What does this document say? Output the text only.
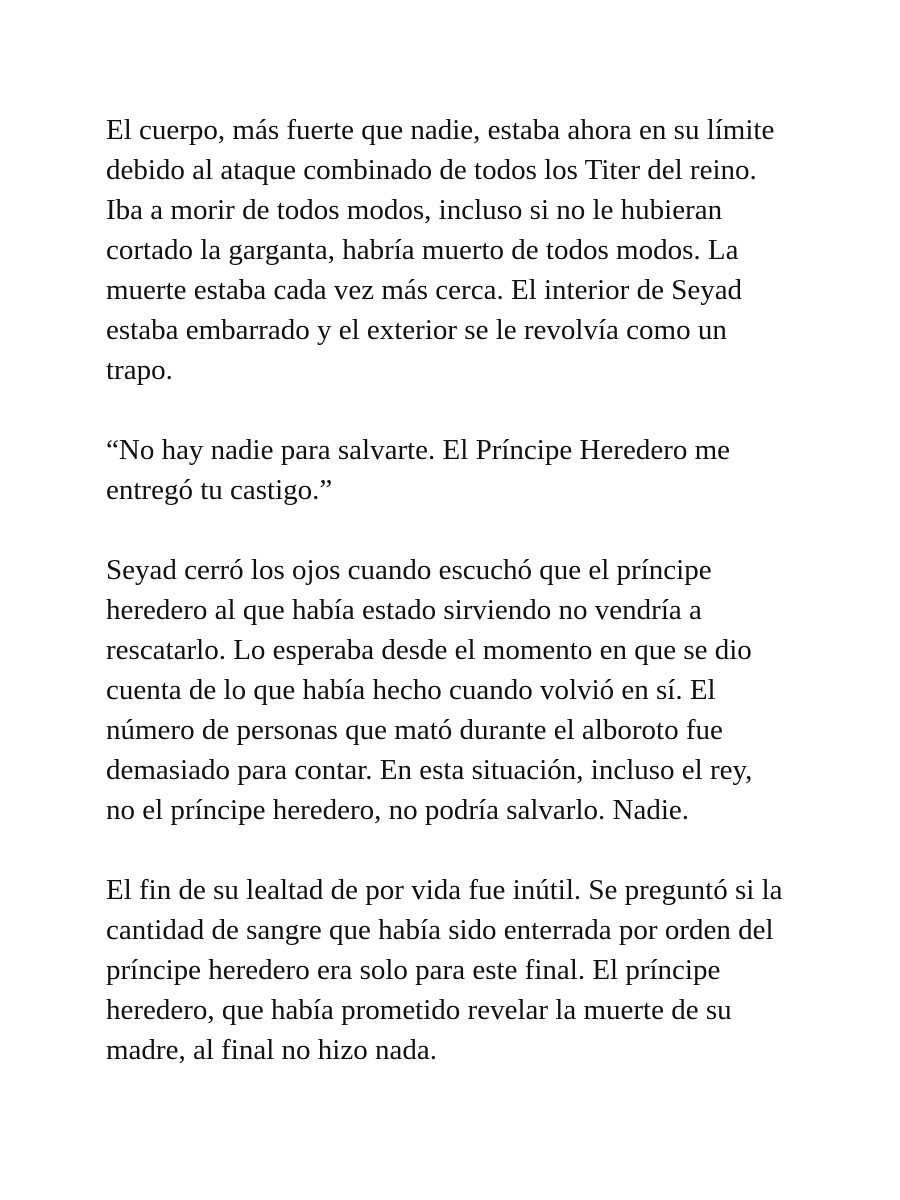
El cuerpo, más fuerte que nadie, estaba ahora en su límite
debido al ataque combinado de todos los Titer del reino.
Iba a morir de todos modos, incluso si no le hubieran
cortado la garganta, habría muerto de todos modos. La
muerte estaba cada vez más cerca. El interior de Seyad
estaba embarrado y el exterior se le revolvía como un
trapo.
“No hay nadie para salvarte. El Príncipe Heredero me
entregó tu castigo.”
Seyad cerró los ojos cuando escuchó que el príncipe
heredero al que había estado sirviendo no vendría a
rescatarlo. Lo esperaba desde el momento en que se dio
cuenta de lo que había hecho cuando volvió en sí. El
número de personas que mató durante el alboroto fue
demasiado para contar. En esta situación, incluso el rey,
no el príncipe heredero, no podría salvarlo. Nadie.
El fin de su lealtad de por vida fue inútil. Se preguntó si la
cantidad de sangre que había sido enterrada por orden del
príncipe heredero era solo para este final. El príncipe
heredero, que había prometido revelar la muerte de su
madre, al final no hizo nada.
